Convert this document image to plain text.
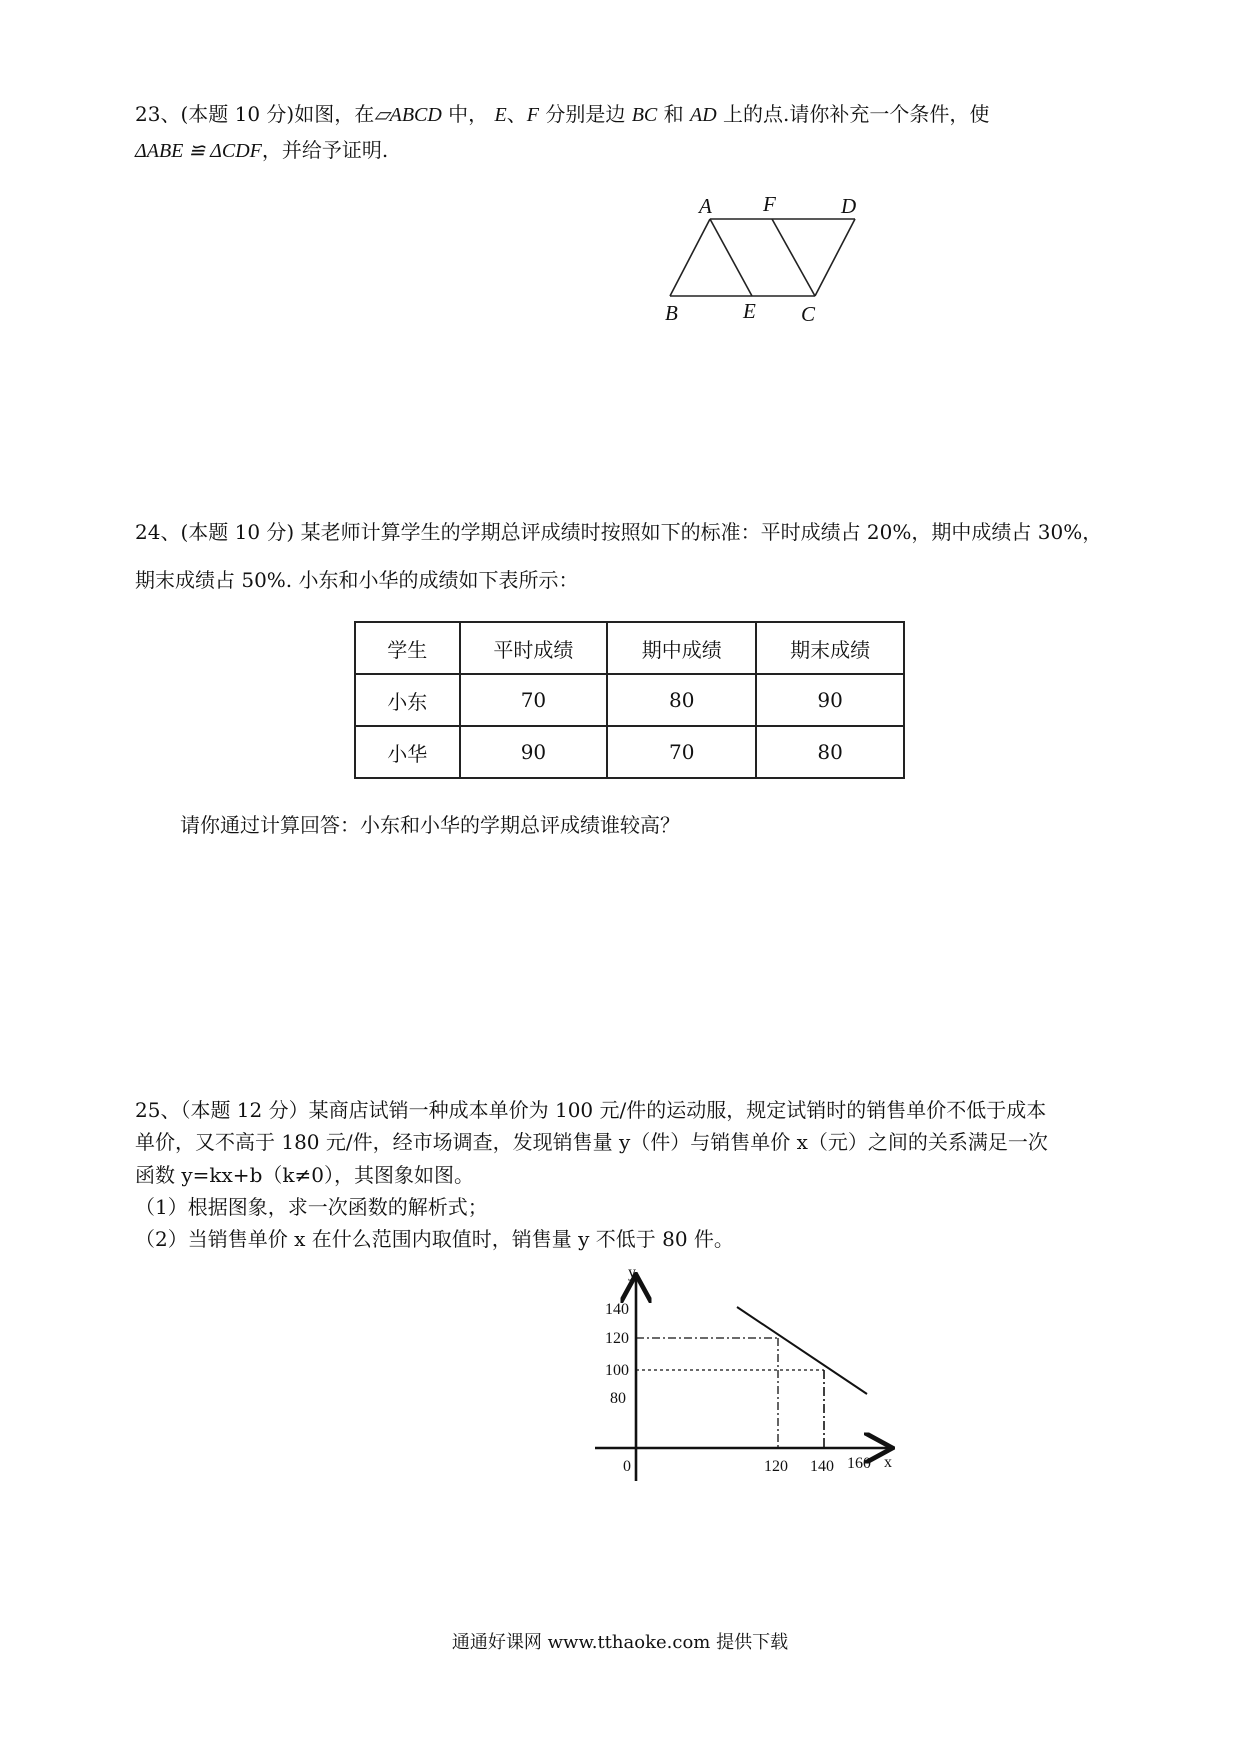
23、(本题 10 分)如图，在▱ABCD 中， E、F 分别是边 BC 和 AD 上的点.请你补充一个条件，使
ΔABE ≌ ΔCDF，并给予证明.
A F	D
B	E C
24、(本题 10 分) 某老师计算学生的学期总评成绩时按照如下的标准：平时成绩占 20%，期中成绩占 30%，
期末成绩占 50%. 小东和小华的成绩如下表所示：
学生	平时成绩	期中成绩	期末成绩
小东	70	80	90
小华	90	70	80
请你通过计算回答：小东和小华的学期总评成绩谁较高？
25、（本题 12 分）某商店试销一种成本单价为 100 元/件的运动服，规定试销时的销售单价不低于成本
单价，又不高于 180 元/件，经市场调查，发现销售量 y（件）与销售单价 x（元）之间的关系满足一次
函数 y=kx+b（k≠0），其图象如图。
（1）根据图象，求一次函数的解析式；
（2）当销售单价 x 在什么范围内取值时，销售量 y 不低于 80 件。
y
x
0
140
120
100
80
120 140 160
通通好课网 www.tthaoke.com 提供下载
